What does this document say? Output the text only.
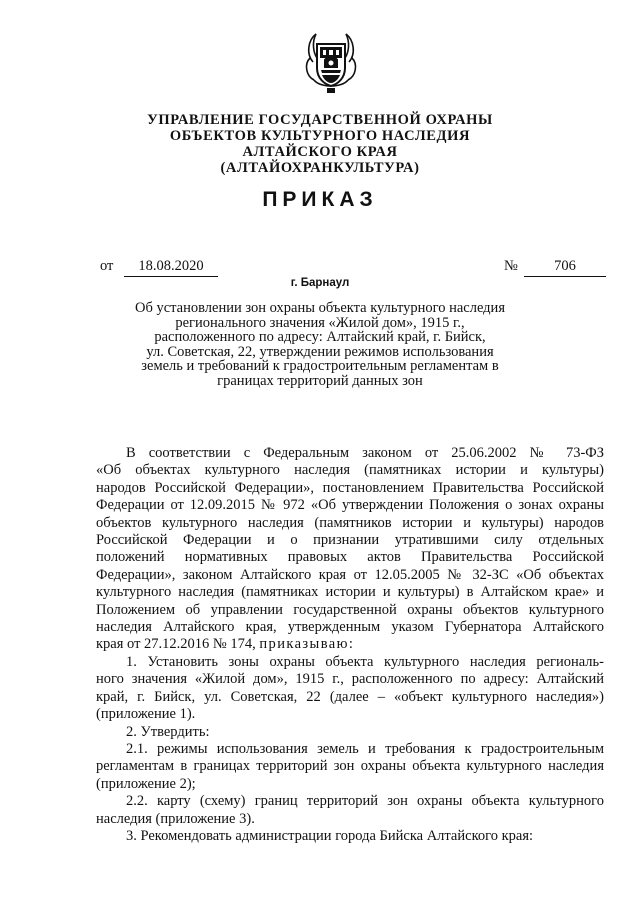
УПРАВЛЕНИЕ ГОСУДАРСТВЕННОЙ ОХРАНЫ
ОБЪЕКТОВ КУЛЬТУРНОГО НАСЛЕДИЯ
АЛТАЙСКОГО КРАЯ
(АЛТАЙОХРАНКУЛЬТУРА)
ПРИКАЗ
от	18.08.2020	№	706
г. Барнаул
Об установлении зон охраны объекта культурного наследия
регионального значения «Жилой дом», 1915 г.,
расположенного по адресу: Алтайский край, г. Бийск,
ул. Советская, 22, утверждении режимов использования
земель и требований к градостроительным регламентам в
границах территорий данных зон

В соответствии с Федеральным законом от 25.06.2002 № 73-ФЗ

«Об объектах культурного наследия (памятниках истории и культуры)

народов Российской Федерации», постановлением Правительства Российской

Федерации от 12.09.2015 № 972 «Об утверждении Положения о зонах охраны

объектов культурного наследия (памятников истории и культуры) народов

Российской Федерации и о признании утратившими силу отдельных

положений нормативных правовых актов Правительства Российской

Федерации», законом Алтайского края от 12.05.2005 № 32-ЗС «Об объектах

культурного наследия (памятниках истории и культуры) в Алтайском крае» и

Положением об управлении государственной охраны объектов культурного

наследия Алтайского края, утвержденным указом Губернатора Алтайского

края от 27.12.2016 № 174, приказываю:

1. Установить зоны охраны объекта культурного наследия региональ-

ного значения «Жилой дом», 1915 г., расположенного по адресу: Алтайский

край, г. Бийск, ул. Советская, 22 (далее – «объект культурного наследия»)

(приложение 1).

2. Утвердить:

2.1. режимы использования земель и требования к градостроительным

регламентам в границах территорий зон охраны объекта культурного наследия

(приложение 2);

2.2. карту (схему) границ территорий зон охраны объекта культурного

наследия (приложение 3).

3. Рекомендовать администрации города Бийска Алтайского края:
